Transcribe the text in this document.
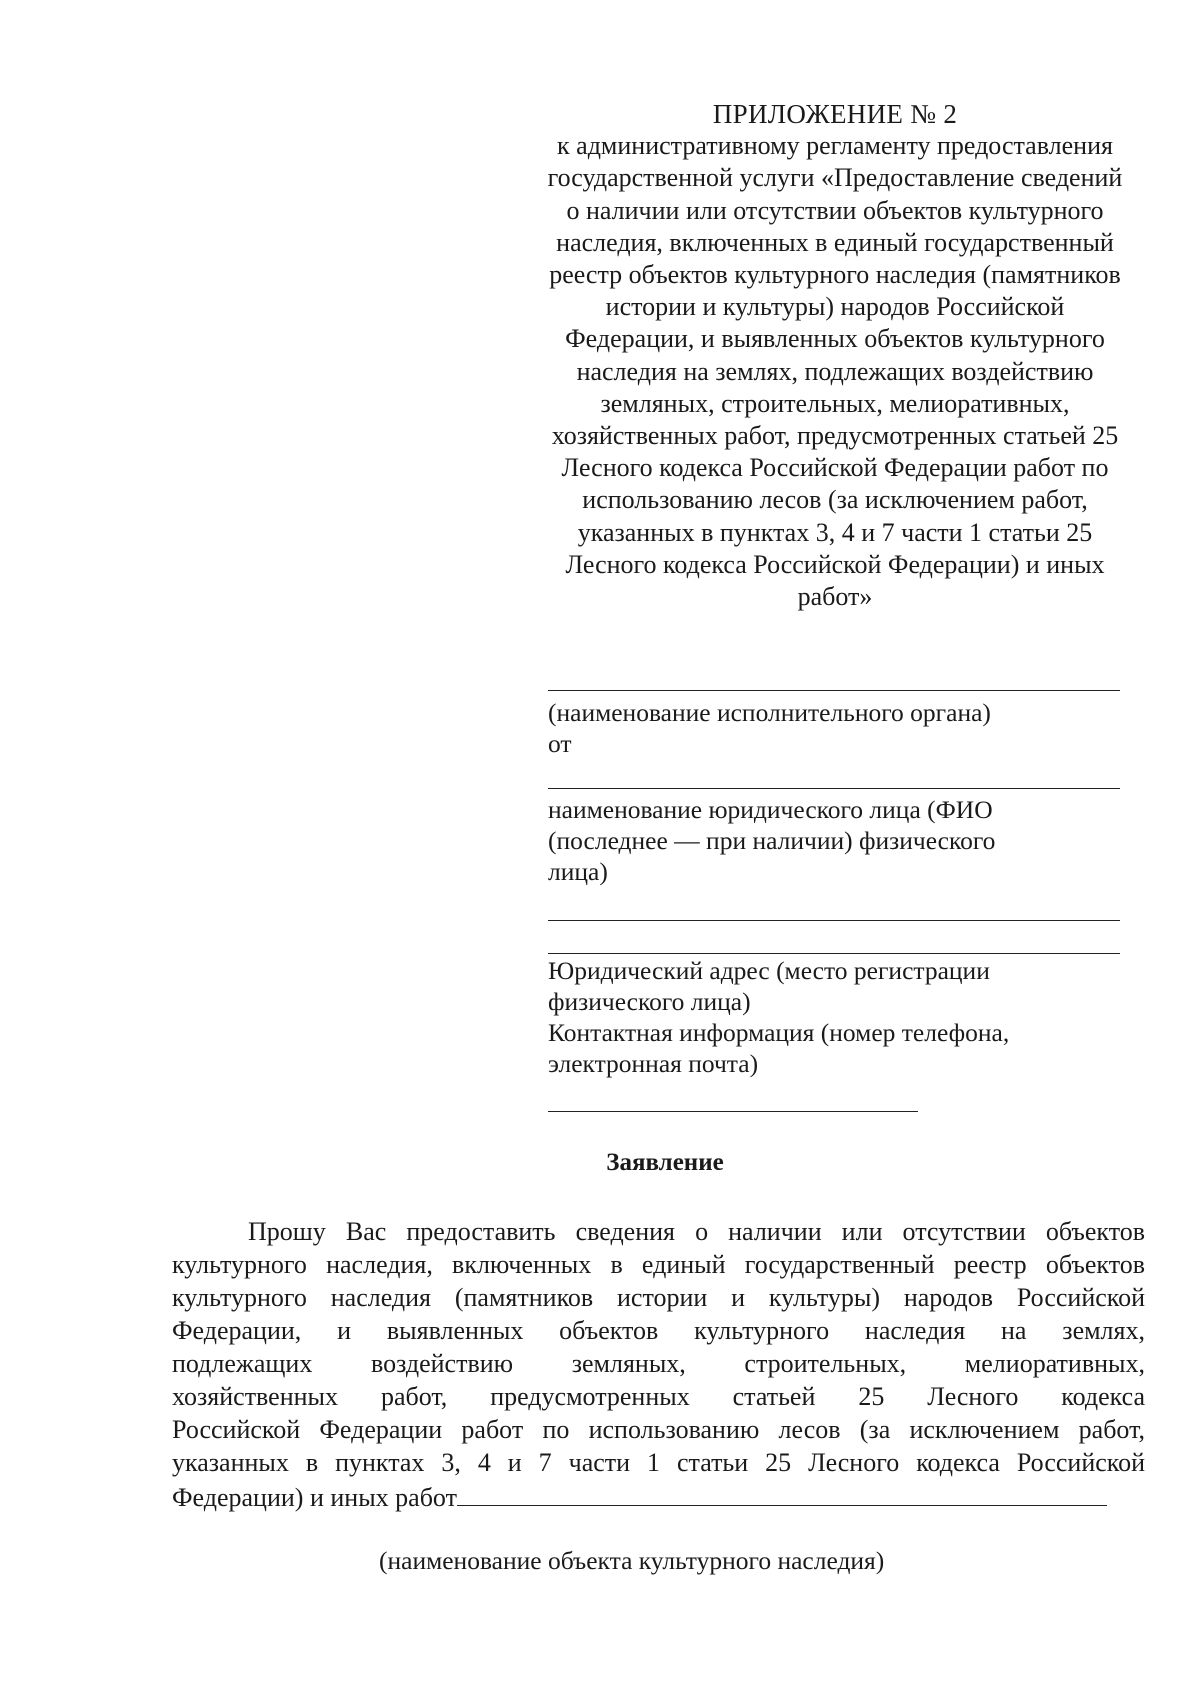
ПРИЛОЖЕНИЕ № 2
к административному регламенту предоставления
государственной услуги «Предоставление сведений
о наличии или отсутствии объектов культурного
наследия, включенных в единый государственный
реестр объектов культурного наследия (памятников
истории и культуры) народов Российской
Федерации, и выявленных объектов культурного
наследия на землях, подлежащих воздействию
земляных, строительных, мелиоративных,
хозяйственных работ, предусмотренных статьей 25
Лесного кодекса Российской Федерации работ по
использованию лесов (за исключением работ,
указанных в пунктах 3, 4 и 7 части 1 статьи 25
Лесного кодекса Российской Федерации) и иных
работ»
(наименование исполнительного органа)
от
наименование юридического лица (ФИО
(последнее — при наличии) физического
лица)
Юридический адрес (место регистрации
физического лица)
Контактная информация (номер телефона,
электронная почта)
Заявление
Прошу Вас предоставить сведения о наличии или отсутствии объектов
культурного наследия, включенных в единый государственный реестр объектов
культурного наследия (памятников истории и культуры) народов Российской
Федерации, и выявленных объектов культурного наследия на землях,
подлежащих воздействию земляных, строительных, мелиоративных,
хозяйственных работ, предусмотренных статьей 25 Лесного кодекса
Российской Федерации работ по использованию лесов (за исключением работ,
указанных в пунктах 3, 4 и 7 части 1 статьи 25 Лесного кодекса Российской
Федерации) и иных работ
(наименование объекта культурного наследия)
